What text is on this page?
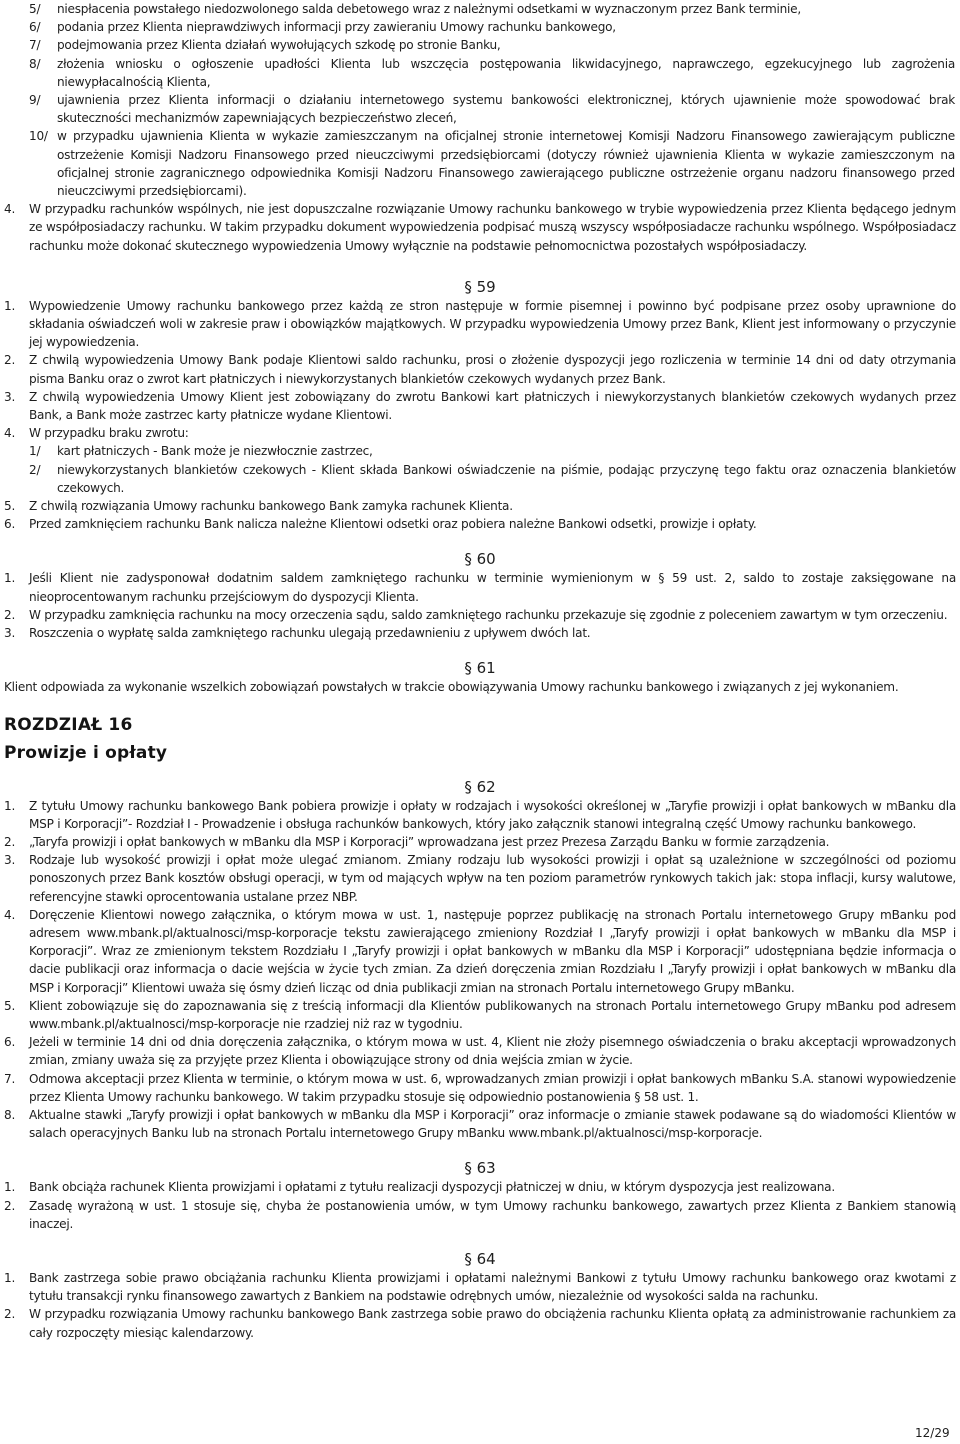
5/ niespłacenia powstałego niedozwolonego salda debetowego wraz z należnymi odsetkami w wyznaczonym przez Bank terminie,
6/ podania przez Klienta nieprawdziwych informacji przy zawieraniu Umowy rachunku bankowego,
7/ podejmowania przez Klienta działań wywołujących szkodę po stronie Banku,
8/ złożenia wniosku o ogłoszenie upadłości Klienta lub wszczęcia postępowania likwidacyjnego, naprawczego, egzekucyjnego lub zagrożenia niewypłacalnością Klienta,
9/ ujawnienia przez Klienta informacji o działaniu internetowego systemu bankowości elektronicznej, których ujawnienie może spowodować brak skuteczności mechanizmów zapewniających bezpieczeństwo zleceń,
10/ w przypadku ujawnienia Klienta w wykazie zamieszczanym na oficjalnej stronie internetowej Komisji Nadzoru Finansowego zawierającym publiczne ostrzeżenie Komisji Nadzoru Finansowego przed nieuczciwymi przedsiębiorcami (dotyczy również ujawnienia Klienta w wykazie zamieszczonym na oficjalnej stronie zagranicznego odpowiednika Komisji Nadzoru Finansowego zawierającego publiczne ostrzeżenie organu nadzoru finansowego przed nieuczciwymi przedsiębiorcami).
4. W przypadku rachunków wspólnych, nie jest dopuszczalne rozwiązanie Umowy rachunku bankowego w trybie wypowiedzenia przez Klienta będącego jednym ze współposiadaczy rachunku. W takim przypadku dokument wypowiedzenia podpisać muszą wszyscy współposiadacze rachunku wspólnego. Współposiadacz rachunku może dokonać skutecznego wypowiedzenia Umowy wyłącznie na podstawie pełnomocnictwa pozostałych współposiadaczy.
§ 59
1. Wypowiedzenie Umowy rachunku bankowego przez każdą ze stron następuje w formie pisemnej i powinno być podpisane przez osoby uprawnione do składania oświadczeń woli w zakresie praw i obowiązków majątkowych. W przypadku wypowiedzenia Umowy przez Bank, Klient jest informowany o przyczynie jej wypowiedzenia.
2. Z chwilą wypowiedzenia Umowy Bank podaje Klientowi saldo rachunku, prosi o złożenie dyspozycji jego rozliczenia w terminie 14 dni od daty otrzymania pisma Banku oraz o zwrot kart płatniczych i niewykorzystanych blankietów czekowych wydanych przez Bank.
3. Z chwilą wypowiedzenia Umowy Klient jest zobowiązany do zwrotu Bankowi kart płatniczych i niewykorzystanych blankietów czekowych wydanych przez Bank, a Bank może zastrzec karty płatnicze wydane Klientowi.
4. W przypadku braku zwrotu:
1/ kart płatniczych - Bank może je niezwłocznie zastrzec,
2/ niewykorzystanych blankietów czekowych - Klient składa Bankowi oświadczenie na piśmie, podając przyczynę tego faktu oraz oznaczenia blankietów czekowych.
5. Z chwilą rozwiązania Umowy rachunku bankowego Bank zamyka rachunek Klienta.
6. Przed zamknięciem rachunku Bank nalicza należne Klientowi odsetki oraz pobiera należne Bankowi odsetki, prowizje i opłaty.
§ 60
1. Jeśli Klient nie zadysponował dodatnim saldem zamkniętego rachunku w terminie wymienionym w § 59 ust. 2, saldo to zostaje zaksięgowane na nieoprocentowanym rachunku przejściowym do dyspozycji Klienta.
2. W przypadku zamknięcia rachunku na mocy orzeczenia sądu, saldo zamkniętego rachunku przekazuje się zgodnie z poleceniem zawartym w tym orzeczeniu.
3. Roszczenia o wypłatę salda zamkniętego rachunku ulegają przedawnieniu z upływem dwóch lat.
§ 61
Klient odpowiada za wykonanie wszelkich zobowiązań powstałych w trakcie obowiązywania Umowy rachunku bankowego i związanych z jej wykonaniem.
ROZDZIAŁ 16
Prowizje i opłaty
§ 62
1. Z tytułu Umowy rachunku bankowego Bank pobiera prowizje i opłaty w rodzajach i wysokości określonej w „Taryfie prowizji i opłat bankowych w mBanku dla MSP i Korporacji”- Rozdział I - Prowadzenie i obsługa rachunków bankowych, który jako załącznik stanowi integralną część Umowy rachunku bankowego.
2. „Taryfa prowizji i opłat bankowych w mBanku dla MSP i Korporacji” wprowadzana jest przez Prezesa Zarządu Banku w formie zarządzenia.
3. Rodzaje lub wysokość prowizji i opłat może ulegać zmianom. Zmiany rodzaju lub wysokości prowizji i opłat są uzależnione w szczególności od poziomu ponoszonych przez Bank kosztów obsługi operacji, w tym od mających wpływ na ten poziom parametrów rynkowych takich jak: stopa inflacji, kursy walutowe, referencyjne stawki oprocentowania ustalane przez NBP.
4. Doręczenie Klientowi nowego załącznika, o którym mowa w ust. 1, następuje poprzez publikację na stronach Portalu internetowego Grupy mBanku pod adresem www.mbank.pl/aktualnosci/msp-korporacje tekstu zawierającego zmieniony Rozdział I „Taryfy prowizji i opłat bankowych w mBanku dla MSP i Korporacji”. Wraz ze zmienionym tekstem Rozdziału I „Taryfy prowizji i opłat bankowych w mBanku dla MSP i Korporacji” udostępniana będzie informacja o dacie publikacji oraz informacja o dacie wejścia w życie tych zmian. Za dzień doręczenia zmian Rozdziału I „Taryfy prowizji i opłat bankowych w mBanku dla MSP i Korporacji” Klientowi uważa się ósmy dzień licząc od dnia publikacji zmian na stronach Portalu internetowego Grupy mBanku.
5. Klient zobowiązuje się do zapoznawania się z treścią informacji dla Klientów publikowanych na stronach Portalu internetowego Grupy mBanku pod adresem www.mbank.pl/aktualnosci/msp-korporacje nie rzadziej niż raz w tygodniu.
6. Jeżeli w terminie 14 dni od dnia doręczenia załącznika, o którym mowa w ust. 4, Klient nie złoży pisemnego oświadczenia o braku akceptacji wprowadzonych zmian, zmiany uważa się za przyjęte przez Klienta i obowiązujące strony od dnia wejścia zmian w życie.
7. Odmowa akceptacji przez Klienta w terminie, o którym mowa w ust. 6, wprowadzanych zmian prowizji i opłat bankowych mBanku S.A. stanowi wypowiedzenie przez Klienta Umowy rachunku bankowego. W takim przypadku stosuje się odpowiednio postanowienia § 58 ust. 1.
8. Aktualne stawki „Taryfy prowizji i opłat bankowych w mBanku dla MSP i Korporacji” oraz informacje o zmianie stawek podawane są do wiadomości Klientów w salach operacyjnych Banku lub na stronach Portalu internetowego Grupy mBanku www.mbank.pl/aktualnosci/msp-korporacje.
§ 63
1. Bank obciąża rachunek Klienta prowizjami i opłatami z tytułu realizacji dyspozycji płatniczej w dniu, w którym dyspozycja jest realizowana.
2. Zasadę wyrażoną w ust. 1 stosuje się, chyba że postanowienia umów, w tym Umowy rachunku bankowego, zawartych przez Klienta z Bankiem stanowią inaczej.
§ 64
1. Bank zastrzega sobie prawo obciążania rachunku Klienta prowizjami i opłatami należnymi Bankowi z tytułu Umowy rachunku bankowego oraz kwotami z tytułu transakcji rynku finansowego zawartych z Bankiem na podstawie odrębnych umów, niezależnie od wysokości salda na rachunku.
2. W przypadku rozwiązania Umowy rachunku bankowego Bank zastrzega sobie prawo do obciążenia rachunku Klienta opłatą za administrowanie rachunkiem za cały rozpoczęty miesiąc kalendarzowy.
12/29
